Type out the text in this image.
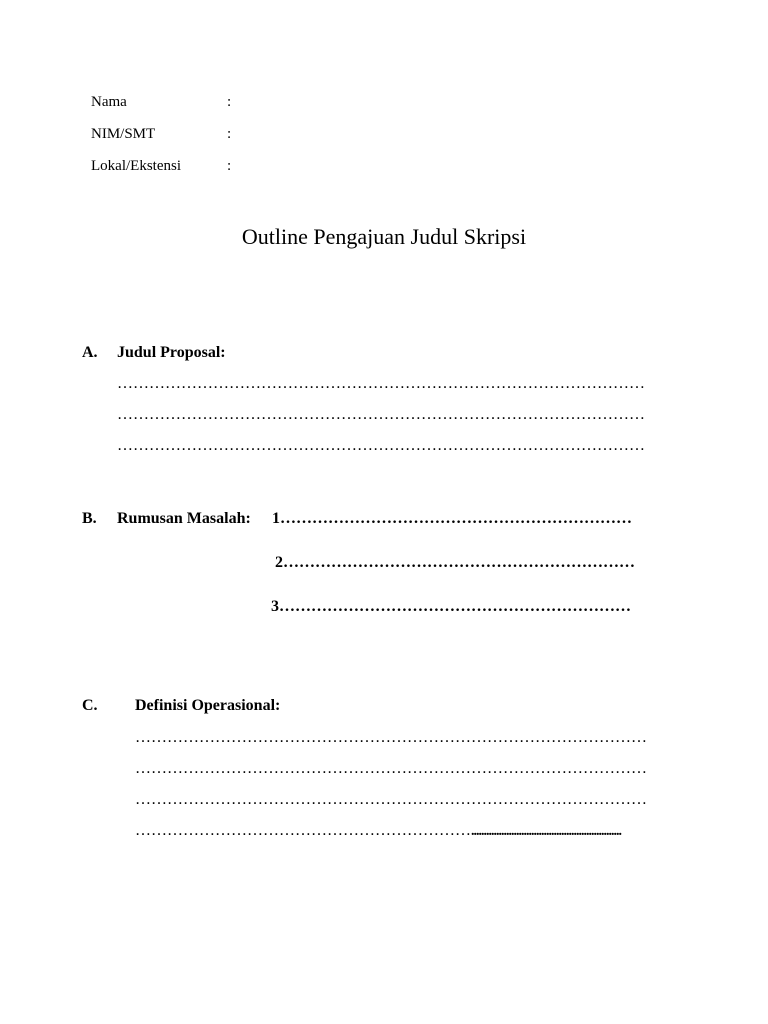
Nama	:
NIM/SMT	:
Lokal/Ekstensi	:
Outline Pengajuan Judul Skripsi
A. Judul Proposal:
………………………………………………………………………………………
………………………………………………………………………………………
………………………………………………………………………………………
B. Rumusan Masalah: 1…………………………………………………………
2…………………………………………………………
3…………………………………………………………
C. Definisi Operasional:
……………………………………………………………………………………
……………………………………………………………………………………
……………………………………………………………………………………
………………………………………………………............................................................
